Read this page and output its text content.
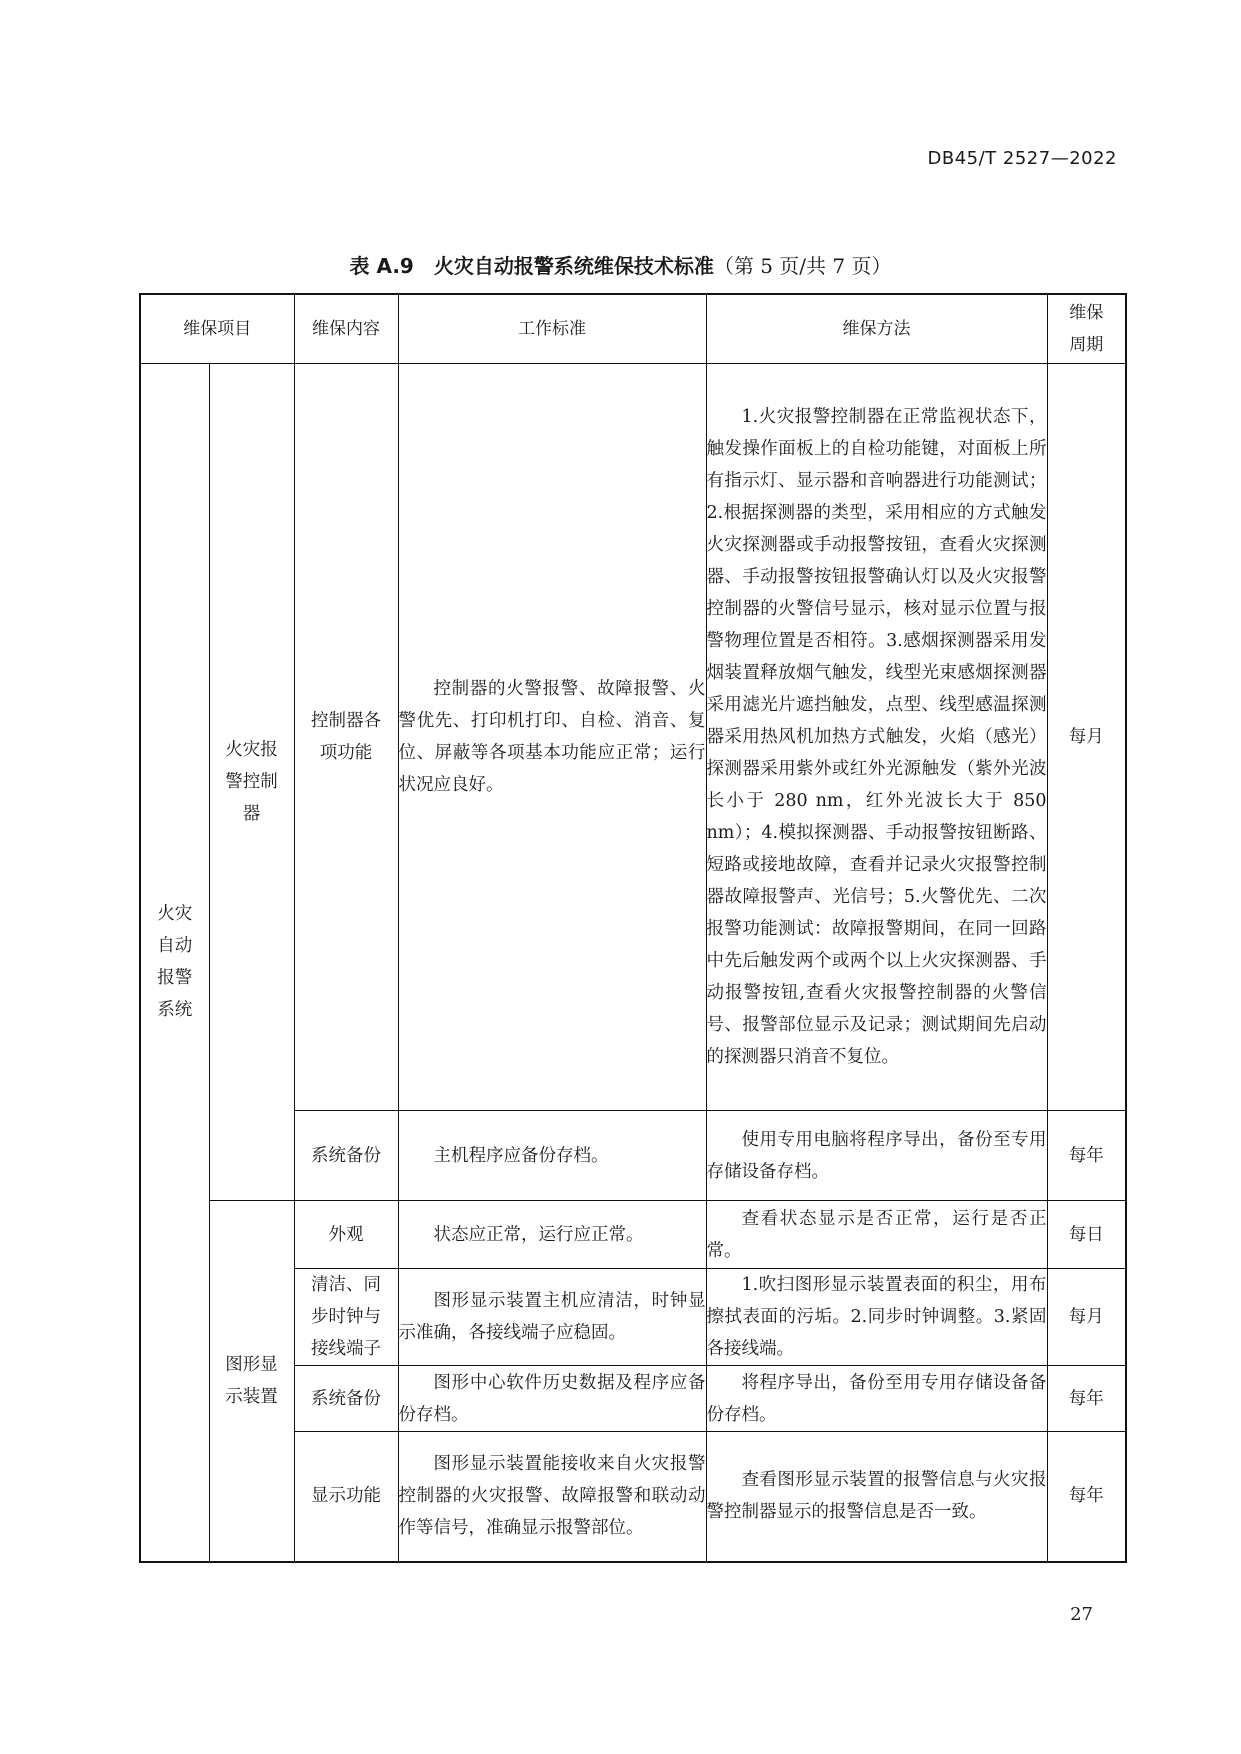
DB45/T 2527—2022
表 A.9 火灾自动报警系统维保技术标准（第 5 页/共 7 页）
维保项目		维保内容	工作标准	维保方法	维保周期

火灾自动报警系统	火灾报警控制器	控制器各项功能	控制器的火警报警、故障报警、火警优先、打印机打印、自检、消音、复位、屏蔽等各项基本功能应正常；运行状况应良好。	1.火灾报警控制器在正常监视状态下，触发操作面板上的自检功能键，对面板上所有指示灯、显示器和音响器进行功能测试；2.根据探测器的类型，采用相应的方式触发火灾探测器或手动报警按钮，查看火灾探测器、手动报警按钮报警确认灯以及火灾报警控制器的火警信号显示，核对显示位置与报警物理位置是否相符。3.感烟探测器采用发烟装置释放烟气触发，线型光束感烟探测器采用滤光片遮挡触发，点型、线型感温探测器采用热风机加热方式触发，火焰（感光）探测器采用紫外或红外光源触发（紫外光波长小于 280 nm，红外光波长大于 850 nm）；4.模拟探测器、手动报警按钮断路、短路或接地故障，查看并记录火灾报警控制器故障报警声、光信号；5.火警优先、二次报警功能测试：故障报警期间，在同一回路中先后触发两个或两个以上火灾探测器、手动报警按钮,查看火灾报警控制器的火警信号、报警部位显示及记录；测试期间先启动的探测器只消音不复位。	每月
		系统备份	主机程序应备份存档。	使用专用电脑将程序导出，备份至专用存储设备存档。	每年

	图形显示装置	外观	状态应正常，运行应正常。	查看状态显示是否正常，运行是否正常。	每日

		清洁、同步时钟与接线端子	图形显示装置主机应清洁，时钟显示准确，各接线端子应稳固。	1.吹扫图形显示装置表面的积尘，用布擦拭表面的污垢。2.同步时钟调整。3.紧固各接线端。	每月
		系统备份	图形中心软件历史数据及程序应备份存档。	将程序导出，备份至用专用存储设备备份存档。	每年
		显示功能	图形显示装置能接收来自火灾报警控制器的火灾报警、故障报警和联动动作等信号，准确显示报警部位。	查看图形显示装置的报警信息与火灾报警控制器显示的报警信息是否一致。	每年
27
